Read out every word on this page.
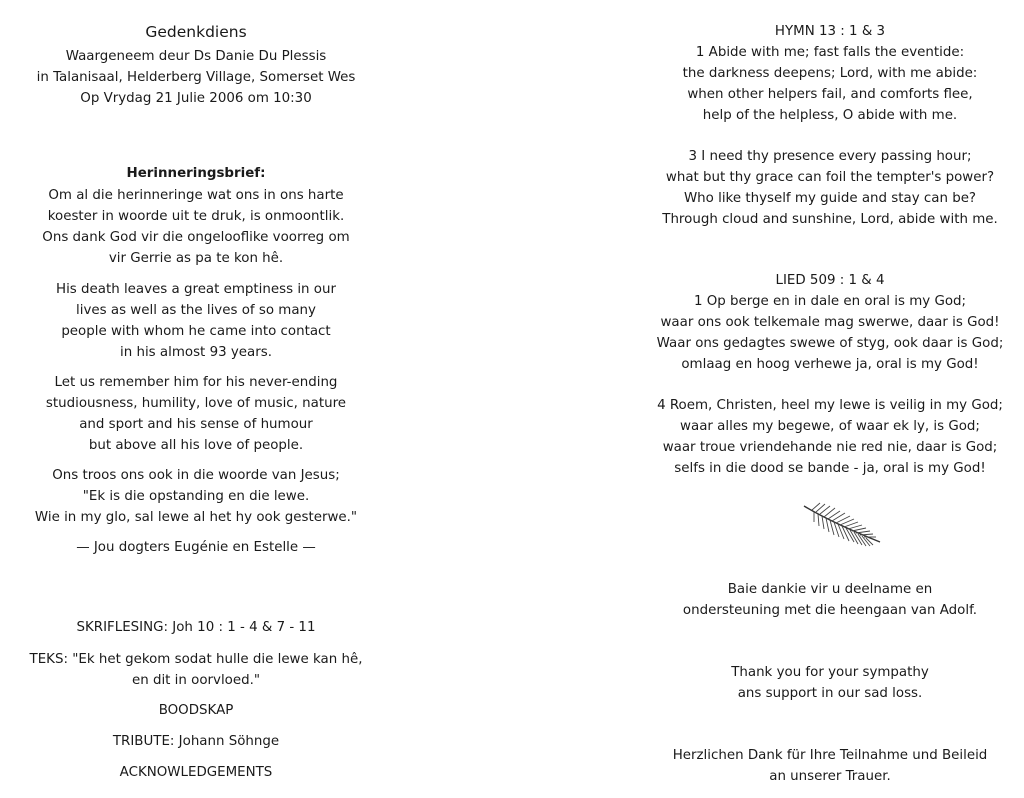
Gedenkdiens
Waargeneem deur Ds Danie Du Plessis
in Talanisaal, Helderberg Village, Somerset Wes
Op Vrydag 21 Julie 2006 om 10:30
Herinneringsbrief:
Om al die herinneringe wat ons in ons harte
koester in woorde uit te druk, is onmoontlik.
Ons dank God vir die ongelooflike voorreg om
vir Gerrie as pa te kon hê.
His death leaves a great emptiness in our
lives as well as the lives of so many
people with whom he came into contact
in his almost 93 years.
Let us remember him for his never-ending
studiousness, humility, love of music, nature
and sport and his sense of humour
but above all his love of people.
Ons troos ons ook in die woorde van Jesus;
"Ek is die opstanding en die lewe.
Wie in my glo, sal lewe al het hy ook gesterwe."
— Jou dogters Eugénie en Estelle —
SKRIFLESING: Joh 10 : 1 - 4 & 7 - 11
TEKS: "Ek het gekom sodat hulle die lewe kan hê,
en dit in oorvloed."
BOODSKAP
TRIBUTE: Johann Söhnge
ACKNOWLEDGEMENTS
HYMN 13 : 1 & 3
1 Abide with me; fast falls the eventide:
the darkness deepens; Lord, with me abide:
when other helpers fail, and comforts flee,
help of the helpless, O abide with me.
3 I need thy presence every passing hour;
what but thy grace can foil the tempter's power?
Who like thyself my guide and stay can be?
Through cloud and sunshine, Lord, abide with me.
LIED 509 : 1 & 4
1 Op berge en in dale en oral is my God;
waar ons ook telkemale mag swerwe, daar is God!
Waar ons gedagtes swewe of styg, ook daar is God;
omlaag en hoog verhewe ja, oral is my God!
4 Roem, Christen, heel my lewe is veilig in my God;
waar alles my begewe, of waar ek ly, is God;
waar troue vriendehande nie red nie, daar is God;
selfs in die dood se bande - ja, oral is my God!
Baie dankie vir u deelname en
ondersteuning met die heengaan van Adolf.
Thank you for your sympathy
ans support in our sad loss.
Herzlichen Dank für Ihre Teilnahme und Beileid
an unserer Trauer.
